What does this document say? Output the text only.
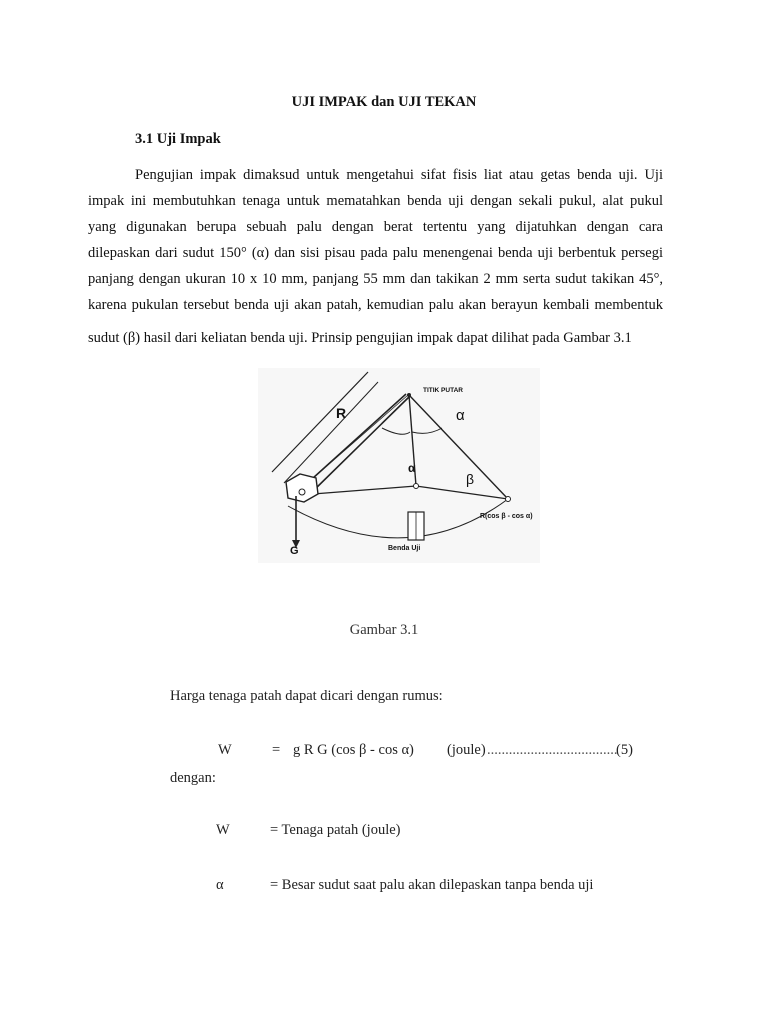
UJI IMPAK dan UJI TEKAN
3.1 Uji Impak
Pengujian impak dimaksud untuk mengetahui sifat fisis liat atau getas benda uji. Uji
impak ini membutuhkan tenaga untuk mematahkan benda uji dengan sekali pukul, alat pukul
yang digunakan berupa sebuah palu dengan berat tertentu yang dijatuhkan dengan cara
dilepaskan dari sudut 150° (α) dan sisi pisau pada palu menengenai benda uji berbentuk persegi
panjang dengan ukuran 10 x 10 mm, panjang 55 mm dan takikan 2 mm serta sudut takikan 45°,
karena pukulan tersebut benda uji akan patah, kemudian palu akan berayun kembali membentuk
sudut (β) hasil dari keliatan benda uji. Prinsip pengujian impak dapat dilihat pada Gambar 3.1
R
TITIK PUTAR
α
α
β
R(cos β - cos α)
G	Benda Uji
Gambar 3.1
Harga tenaga patah dapat dicari dengan rumus:
W	= g R G (cos β - cos α) (joule) ....................................
(5)
dengan:
W	= Tenaga patah (joule)
α	= Besar sudut saat palu akan dilepaskan tanpa benda uji
